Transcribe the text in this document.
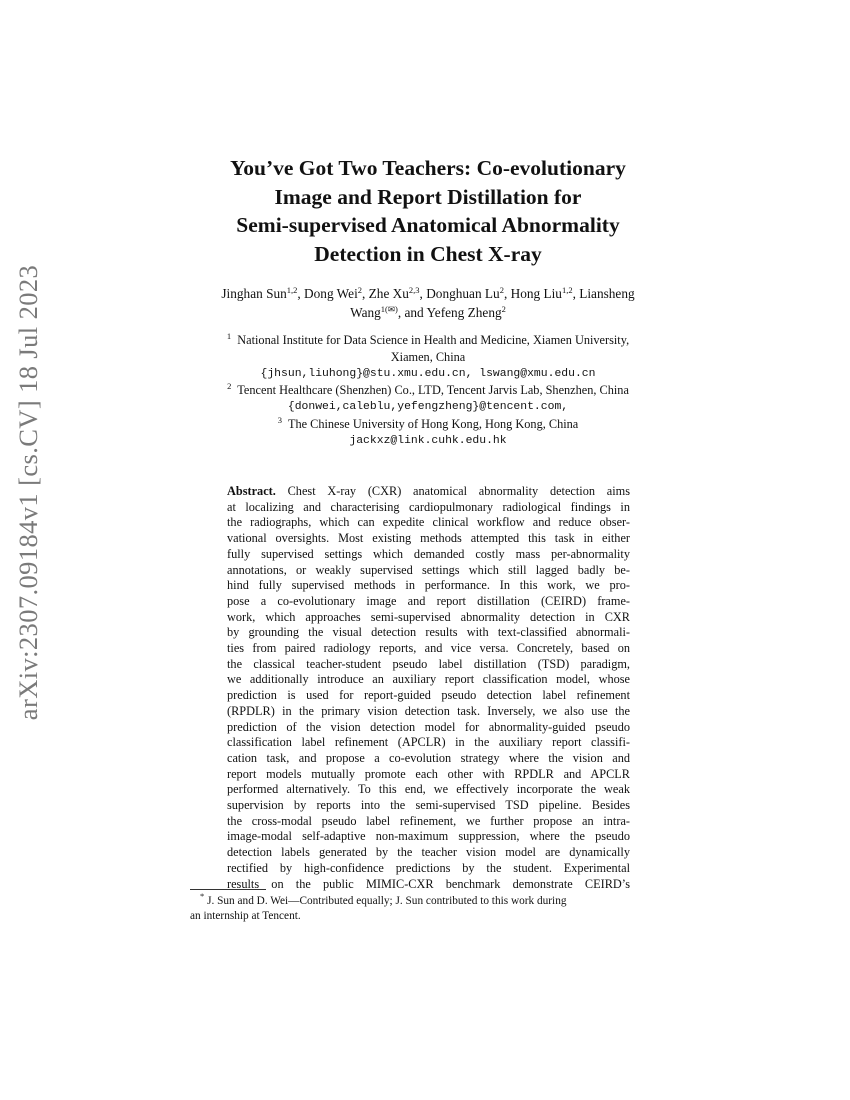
arXiv:2307.09184v1 [cs.CV] 18 Jul 2023
You’ve Got Two Teachers: Co-evolutionary
Image and Report Distillation for
Semi-supervised Anatomical Abnormality
Detection in Chest X-ray
Jinghan Sun$^{1,2}$, Dong Wei$^2$, Zhe Xu$^{2,3}$, Donghuan Lu$^2$, Hong Liu$^{1,2}$, Liansheng
Wang$^{1(✉)}$, and Yefeng Zheng$^2$
$^1$ National Institute for Data Science in Health and Medicine, Xiamen University,
Xiamen, China
{jhsun,liuhong}@stu.xmu.edu.cn, lswang@xmu.edu.cn
$^2$ Tencent Healthcare (Shenzhen) Co., LTD, Tencent Jarvis Lab, Shenzhen, China
{donwei,caleblu,yefengzheng}@tencent.com,
$^3$ The Chinese University of Hong Kong, Hong Kong, China
jackxz@link.cuhk.edu.hk
Abstract. Chest X-ray (CXR) anatomical abnormality detection aims
at localizing and characterising cardiopulmonary radiological findings in
the radiographs, which can expedite clinical workflow and reduce obser-
vational oversights. Most existing methods attempted this task in either
fully supervised settings which demanded costly mass per-abnormality
annotations, or weakly supervised settings which still lagged badly be-
hind fully supervised methods in performance. In this work, we pro-
pose a co-evolutionary image and report distillation (CEIRD) frame-
work, which approaches semi-supervised abnormality detection in CXR
by grounding the visual detection results with text-classified abnormali-
ties from paired radiology reports, and vice versa. Concretely, based on
the classical teacher-student pseudo label distillation (TSD) paradigm,
we additionally introduce an auxiliary report classification model, whose
prediction is used for report-guided pseudo detection label refinement
(RPDLR) in the primary vision detection task. Inversely, we also use the
prediction of the vision detection model for abnormality-guided pseudo
classification label refinement (APCLR) in the auxiliary report classifi-
cation task, and propose a co-evolution strategy where the vision and
report models mutually promote each other with RPDLR and APCLR
performed alternatively. To this end, we effectively incorporate the weak
supervision by reports into the semi-supervised TSD pipeline. Besides
the cross-modal pseudo label refinement, we further propose an intra-
image-modal self-adaptive non-maximum suppression, where the pseudo
detection labels generated by the teacher vision model are dynamically
rectified by high-confidence predictions by the student. Experimental
results on the public MIMIC-CXR benchmark demonstrate CEIRD’s
* J. Sun and D. Wei—Contributed equally; J. Sun contributed to this work during
an internship at Tencent.
